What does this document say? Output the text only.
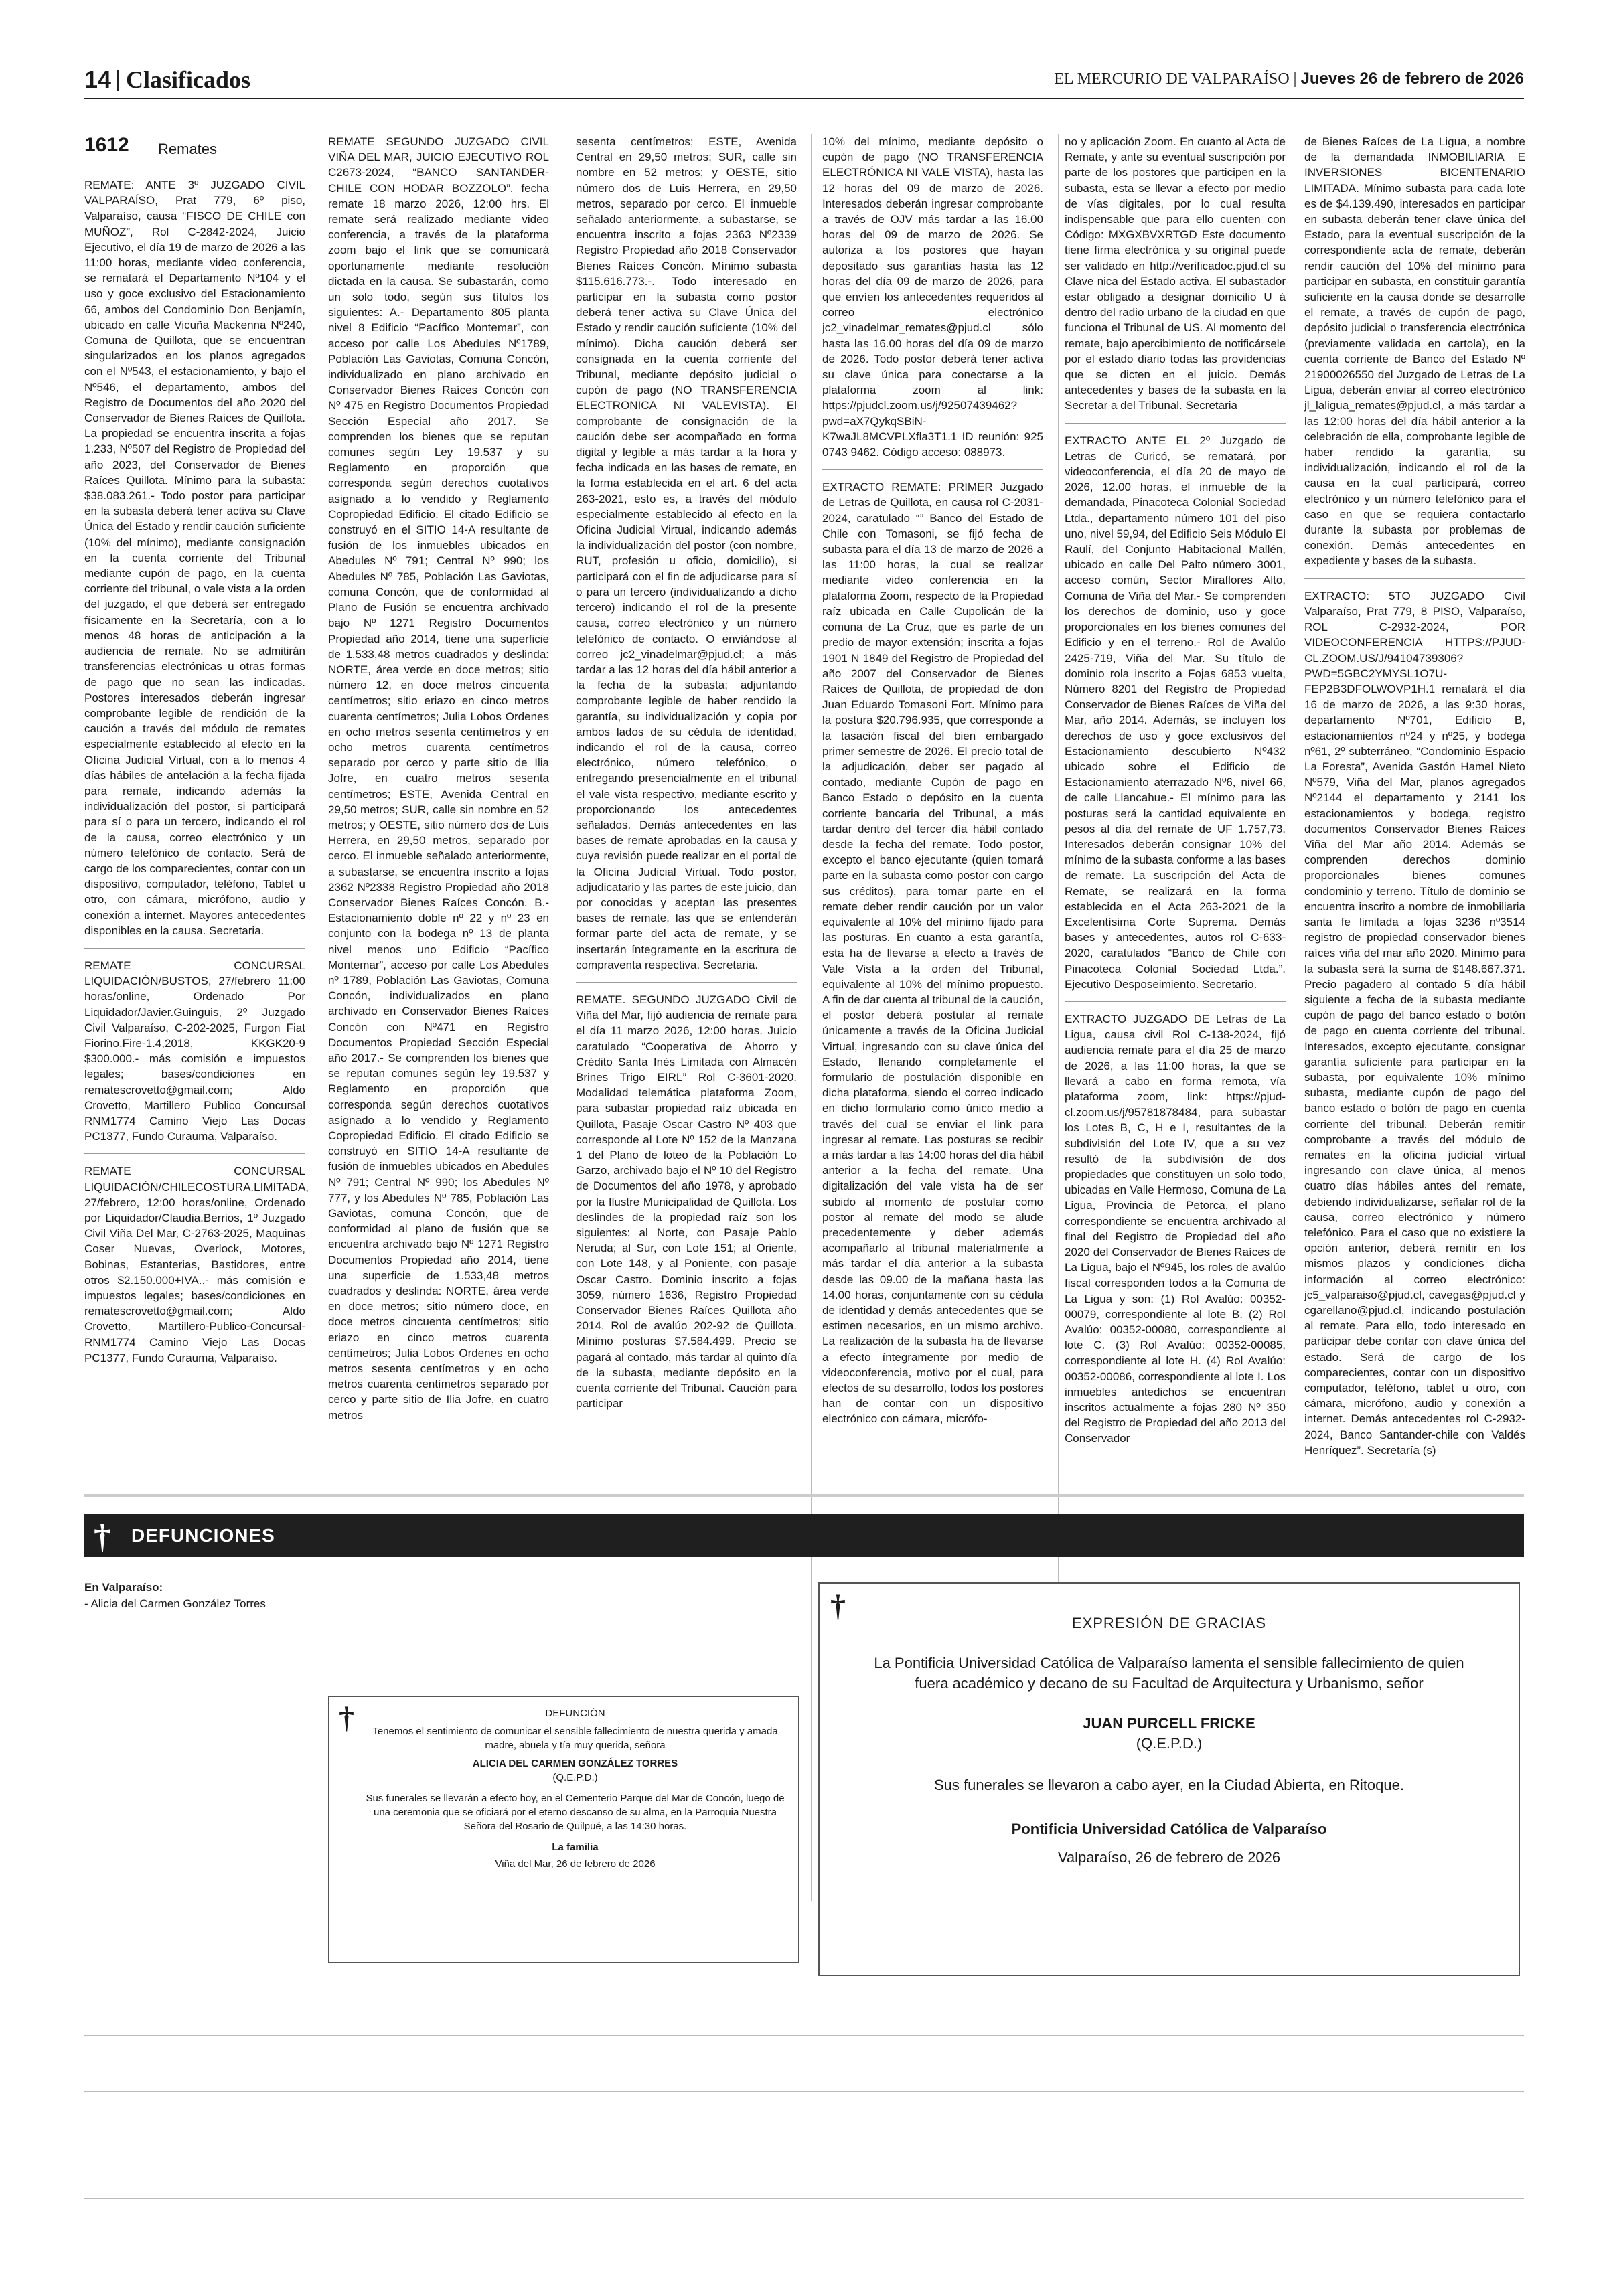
14 Clasificados	EL MERCURIO DE VALPARAÍSO | Jueves 26 de febrero de 2026
1612 Remates

REMATE: ANTE 3º JUZGADO CIVIL VALPARAÍSO, Prat 779, 6º piso, Valparaíso, causa “FISCO DE CHILE con MUÑOZ”, Rol C-2842-2024, Juicio Ejecutivo, el día 19 de marzo de 2026 a las 11:00 horas, mediante video conferencia, se rematará el Departamento Nº104 y el uso y goce exclusivo del Estacionamiento 66, ambos del Condominio Don Benjamín, ubicado en calle Vicuña Mackenna Nº240, Comuna de Quillota, que se encuentran singularizados en los planos agregados con el Nº543, el estacionamiento, y bajo el Nº546, el departamento, ambos del Registro de Documentos del año 2020 del Conservador de Bienes Raíces de Quillota. La propiedad se encuentra inscrita a fojas 1.233, Nº507 del Registro de Propiedad del año 2023, del Conservador de Bienes Raíces Quillota. Mínimo para la subasta: $38.083.261.- Todo postor para participar en la subasta deberá tener activa su Clave Única del Estado y rendir caución suficiente (10% del mínimo), mediante consignación en la cuenta corriente del Tribunal mediante cupón de pago, en la cuenta corriente del tribunal, o vale vista a la orden del juzgado, el que deberá ser entregado físicamente en la Secretaría, con a lo menos 48 horas de anticipación a la audiencia de remate. No se admitirán transferencias electrónicas u otras formas de pago que no sean las indicadas. Postores interesados deberán ingresar comprobante legible de rendición de la caución a través del módulo de remates especialmente establecido al efecto en la Oficina Judicial Virtual, con a lo menos 4 días hábiles de antelación a la fecha fijada para remate, indicando además la individualización del postor, si participará para sí o para un tercero, indicando el rol de la causa, correo electrónico y un número telefónico de contacto. Será de cargo de los comparecientes, contar con un dispositivo, computador, teléfono, Tablet u otro, con cámara, micrófono, audio y conexión a internet. Mayores antecedentes disponibles en la causa. Secretaria.

REMATE CONCURSAL LIQUIDACIÓN/BUSTOS, 27/febrero 11:00 horas/online, Ordenado Por Liquidador/Javier.Guinguis, 2º Juzgado Civil Valparaíso, C-202-2025, Furgon Fiat Fiorino.Fire-1.4,2018, KKGK20-9 $300.000.- más comisión e impuestos legales; bases/condiciones en rematescrovetto@gmail.com; Aldo Crovetto, Martillero Publico Concursal RNM1774 Camino Viejo Las Docas PC1377, Fundo Curauma, Valparaíso.

REMATE CONCURSAL LIQUIDACIÓN/CHILECOSTURA.LIMITADA, 27/febrero, 12:00 horas/online, Ordenado por Liquidador/Claudia.Berrios, 1º Juzgado Civil Viña Del Mar, C-2763-2025, Maquinas Coser Nuevas, Overlock, Motores, Bobinas, Estanterias, Bastidores, entre otros $2.150.000+IVA..- más comisión e impuestos legales; bases/condiciones en rematescrovetto@gmail.com; Aldo Crovetto, Martillero-Publico-Concursal-RNM1774 Camino Viejo Las Docas PC1377, Fundo Curauma, Valparaíso.

REMATE SEGUNDO JUZGADO CIVIL VIÑA DEL MAR, JUICIO EJECUTIVO ROL C2673-2024, “BANCO SANTANDER-CHILE CON HODAR BOZZOLO”. fecha remate 18 marzo 2026, 12:00 hrs. El remate será realizado mediante video conferencia, a través de la plataforma zoom bajo el link que se comunicará oportunamente mediante resolución dictada en la causa. Se subastarán, como un solo todo, según sus títulos los siguientes: A.- Departamento 805 planta nivel 8 Edificio “Pacífico Montemar”, con acceso por calle Los Abedules Nº1789, Población Las Gaviotas, Comuna Concón, individualizado en plano archivado en Conservador Bienes Raíces Concón con Nº 475 en Registro Documentos Propiedad Sección Especial año 2017. Se comprenden los bienes que se reputan comunes según Ley 19.537 y su Reglamento en proporción que corresponda según derechos cuotativos asignado a lo vendido y Reglamento Copropiedad Edificio. El citado Edificio se construyó en el SITIO 14-A resultante de fusión de los inmuebles ubicados en Abedules Nº 791; Central Nº 990; los Abedules Nº 785, Población Las Gaviotas, comuna Concón, que de conformidad al Plano de Fusión se encuentra archivado bajo Nº 1271 Registro Documentos Propiedad año 2014, tiene una superficie de 1.533,48 metros cuadrados y deslinda: NORTE, área verde en doce metros; sitio número 12, en doce metros cincuenta centímetros; sitio eriazo en cinco metros cuarenta centímetros; Julia Lobos Ordenes en ocho metros sesenta centímetros y en ocho metros cuarenta centímetros separado por cerco y parte sitio de Ilia Jofre, en cuatro metros sesenta centímetros; ESTE, Avenida Central en 29,50 metros; SUR, calle sin nombre en 52 metros; y OESTE, sitio número dos de Luis Herrera, en 29,50 metros, separado por cerco. El inmueble señalado anteriormente, a subastarse, se encuentra inscrito a fojas 2362 Nº2338 Registro Propiedad año 2018 Conservador Bienes Raíces Concón. B.- Estacionamiento doble nº 22 y nº 23 en conjunto con la bodega nº 13 de planta nivel menos uno Edificio “Pacífico Montemar”, acceso por calle Los Abedules nº 1789, Población Las Gaviotas, Comuna Concón, individualizados en plano archivado en Conservador Bienes Raíces Concón con Nº471 en Registro Documentos Propiedad Sección Especial año 2017.- Se comprenden los bienes que se reputan comunes según ley 19.537 y Reglamento en proporción que corresponda según derechos cuotativos asignado a lo vendido y Reglamento Copropiedad Edificio. El citado Edificio se construyó en SITIO 14-A resultante de fusión de inmuebles ubicados en Abedules Nº 791; Central Nº 990; los Abedules Nº 777, y los Abedules Nº 785, Población Las Gaviotas, comuna Concón, que de conformidad al plano de fusión que se encuentra archivado bajo Nº 1271 Registro Documentos Propiedad año 2014, tiene una superficie de 1.533,48 metros cuadrados y deslinda: NORTE, área verde en doce metros; sitio número doce, en doce metros cincuenta centímetros; sitio eriazo en cinco metros cuarenta centímetros; Julia Lobos Ordenes en ocho metros sesenta centímetros y en ocho metros cuarenta centímetros separado por cerco y parte sitio de Ilia Jofre, en cuatro metros

sesenta centímetros; ESTE, Avenida Central en 29,50 metros; SUR, calle sin nombre en 52 metros; y OESTE, sitio número dos de Luis Herrera, en 29,50 metros, separado por cerco. El inmueble señalado anteriormente, a subastarse, se encuentra inscrito a fojas 2363 Nº2339 Registro Propiedad año 2018 Conservador Bienes Raíces Concón. Mínimo subasta $115.616.773.-. Todo interesado en participar en la subasta como postor deberá tener activa su Clave Única del Estado y rendir caución suficiente (10% del mínimo). Dicha caución deberá ser consignada en la cuenta corriente del Tribunal, mediante depósito judicial o cupón de pago (NO TRANSFERENCIA ELECTRONICA NI VALEVISTA). El comprobante de consignación de la caución debe ser acompañado en forma digital y legible a más tardar a la hora y fecha indicada en las bases de remate, en la forma establecida en el art. 6 del acta 263-2021, esto es, a través del módulo especialmente establecido al efecto en la Oficina Judicial Virtual, indicando además la individualización del postor (con nombre, RUT, profesión u oficio, domicilio), si participará con el fin de adjudicarse para sí o para un tercero (individualizando a dicho tercero) indicando el rol de la presente causa, correo electrónico y un número telefónico de contacto. O enviándose al correo jc2_vinadelmar@pjud.cl; a más tardar a las 12 horas del día hábil anterior a la fecha de la subasta; adjuntando comprobante legible de haber rendido la garantía, su individualización y copia por ambos lados de su cédula de identidad, indicando el rol de la causa, correo electrónico, número telefónico, o entregando presencialmente en el tribunal el vale vista respectivo, mediante escrito y proporcionando los antecedentes señalados. Demás antecedentes en las bases de remate aprobadas en la causa y cuya revisión puede realizar en el portal de la Oficina Judicial Virtual. Todo postor, adjudicatario y las partes de este juicio, dan por conocidas y aceptan las presentes bases de remate, las que se entenderán formar parte del acta de remate, y se insertarán íntegramente en la escritura de compraventa respectiva. Secretaria.

REMATE. SEGUNDO JUZGADO Civil de Viña del Mar, fijó audiencia de remate para el día 11 marzo 2026, 12:00 horas. Juicio caratulado “Cooperativa de Ahorro y Crédito Santa Inés Limitada con Almacén Brines Trigo EIRL” Rol C-3601-2020. Modalidad telemática plataforma Zoom, para subastar propiedad raíz ubicada en Quillota, Pasaje Oscar Castro Nº 403 que corresponde al Lote Nº 152 de la Manzana 1 del Plano de loteo de la Población Lo Garzo, archivado bajo el Nº 10 del Registro de Documentos del año 1978, y aprobado por la Ilustre Municipalidad de Quillota. Los deslindes de la propiedad raíz son los siguientes: al Norte, con Pasaje Pablo Neruda; al Sur, con Lote 151; al Oriente, con Lote 148, y al Poniente, con pasaje Oscar Castro. Dominio inscrito a fojas 3059, número 1636, Registro Propiedad Conservador Bienes Raíces Quillota año 2014. Rol de avalúo 202-92 de Quillota. Mínimo posturas $7.584.499. Precio se pagará al contado, más tardar al quinto día de la subasta, mediante depósito en la cuenta corriente del Tribunal. Caución para participar

10% del mínimo, mediante depósito o cupón de pago (NO TRANSFERENCIA ELECTRÓNICA NI VALE VISTA), hasta las 12 horas del 09 de marzo de 2026. Interesados deberán ingresar comprobante a través de OJV más tardar a las 16.00 horas del 09 de marzo de 2026. Se autoriza a los postores que hayan depositado sus garantías hasta las 12 horas del día 09 de marzo de 2026, para que envíen los antecedentes requeridos al correo electrónico jc2_vinadelmar_remates@pjud.cl sólo hasta las 16.00 horas del día 09 de marzo de 2026. Todo postor deberá tener activa su clave única para conectarse a la plataforma zoom al link: https://pjudcl.zoom.us/j/92507439462?pwd=aX7QykqSBiN-K7waJL8MCVPLXfla3T1.1 ID reunión: 925 0743 9462. Código acceso: 088973.

EXTRACTO REMATE: PRIMER Juzgado de Letras de Quillota, en causa rol C-2031-2024, caratulado “” Banco del Estado de Chile con Tomasoni, se fijó fecha de subasta para el día 13 de marzo de 2026 a las 11:00 horas, la cual se realizar mediante video conferencia en la plataforma Zoom, respecto de la Propiedad raíz ubicada en Calle Cupolicán de la comuna de La Cruz, que es parte de un predio de mayor extensión; inscrita a fojas 1901 N 1849 del Registro de Propiedad del año 2007 del Conservador de Bienes Raíces de Quillota, de propiedad de don Juan Eduardo Tomasoni Fort. Mínimo para la postura $20.796.935, que corresponde a la tasación fiscal del bien embargado primer semestre de 2026. El precio total de la adjudicación, deber ser pagado al contado, mediante Cupón de pago en Banco Estado o depósito en la cuenta corriente bancaria del Tribunal, a más tardar dentro del tercer día hábil contado desde la fecha del remate. Todo postor, excepto el banco ejecutante (quien tomará parte en la subasta como postor con cargo sus créditos), para tomar parte en el remate deber rendir caución por un valor equivalente al 10% del mínimo fijado para las posturas. En cuanto a esta garantía, esta ha de llevarse a efecto a través de Vale Vista a la orden del Tribunal, equivalente al 10% del mínimo propuesto. A fin de dar cuenta al tribunal de la caución, el postor deberá postular al remate únicamente a través de la Oficina Judicial Virtual, ingresando con su clave única del Estado, llenando completamente el formulario de postulación disponible en dicha plataforma, siendo el correo indicado en dicho formulario como único medio a través del cual se enviar el link para ingresar al remate. Las posturas se recibir a más tardar a las 14:00 horas del día hábil anterior a la fecha del remate. Una digitalización del vale vista ha de ser subido al momento de postular como postor al remate del modo se alude precedentemente y deber además acompañarlo al tribunal materialmente a más tardar el día anterior a la subasta desde las 09.00 de la mañana hasta las 14.00 horas, conjuntamente con su cédula de identidad y demás antecedentes que se estimen necesarios, en un mismo archivo. La realización de la subasta ha de llevarse a efecto íntegramente por medio de videoconferencia, motivo por el cual, para efectos de su desarrollo, todos los postores han de contar con un dispositivo electrónico con cámara, micrófo-

no y aplicación Zoom. En cuanto al Acta de Remate, y ante su eventual suscripción por parte de los postores que participen en la subasta, esta se llevar a efecto por medio de vías digitales, por lo cual resulta indispensable que para ello cuenten con Código: MXGXBVXRTGD Este documento tiene firma electrónica y su original puede ser validado en http://verificadoc.pjud.cl su Clave nica del Estado activa. El subastador estar obligado a designar domicilio U á dentro del radio urbano de la ciudad en que funciona el Tribunal de US. Al momento del remate, bajo apercibimiento de notificársele por el estado diario todas las providencias que se dicten en el juicio. Demás antecedentes y bases de la subasta en la Secretar a del Tribunal. Secretaria

EXTRACTO ANTE EL 2º Juzgado de Letras de Curicó, se rematará, por videoconferencia, el día 20 de mayo de 2026, 12.00 horas, el inmueble de la demandada, Pinacoteca Colonial Sociedad Ltda., departamento número 101 del piso uno, nivel 59,94, del Edificio Seis Módulo El Raulí, del Conjunto Habitacional Mallén, ubicado en calle Del Palto número 3001, acceso común, Sector Miraflores Alto, Comuna de Viña del Mar.- Se comprenden los derechos de dominio, uso y goce proporcionales en los bienes comunes del Edificio y en el terreno.- Rol de Avalúo 2425-719, Viña del Mar. Su título de dominio rola inscrito a Fojas 6853 vuelta, Número 8201 del Registro de Propiedad Conservador de Bienes Raíces de Viña del Mar, año 2014. Además, se incluyen los derechos de uso y goce exclusivos del Estacionamiento descubierto Nº432 ubicado sobre el Edificio de Estacionamiento aterrazado Nº6, nivel 66, de calle Llancahue.- El mínimo para las posturas será la cantidad equivalente en pesos al día del remate de UF 1.757,73. Interesados deberán consignar 10% del mínimo de la subasta conforme a las bases de remate. La suscripción del Acta de Remate, se realizará en la forma establecida en el Acta 263-2021 de la Excelentísima Corte Suprema. Demás bases y antecedentes, autos rol C-633-2020, caratulados “Banco de Chile con Pinacoteca Colonial Sociedad Ltda.”. Ejecutivo Desposeimiento. Secretario.

EXTRACTO JUZGADO DE Letras de La Ligua, causa civil Rol C-138-2024, fijó audiencia remate para el día 25 de marzo de 2026, a las 11:00 horas, la que se llevará a cabo en forma remota, vía plataforma zoom, link: https://pjud-cl.zoom.us/j/95781878484, para subastar los Lotes B, C, H e I, resultantes de la subdivisión del Lote IV, que a su vez resultó de la subdivisión de dos propiedades que constituyen un solo todo, ubicadas en Valle Hermoso, Comuna de La Ligua, Provincia de Petorca, el plano correspondiente se encuentra archivado al final del Registro de Propiedad del año 2020 del Conservador de Bienes Raíces de La Ligua, bajo el Nº945, los roles de avalúo fiscal corresponden todos a la Comuna de La Ligua y son: (1) Rol Avalúo: 00352-00079, correspondiente al lote B. (2) Rol Avalúo: 00352-00080, correspondiente al lote C. (3) Rol Avalúo: 00352-00085, correspondiente al lote H. (4) Rol Avalúo: 00352-00086, correspondiente al lote I. Los inmuebles antedichos se encuentran inscritos actualmente a fojas 280 Nº 350 del Registro de Propiedad del año 2013 del Conservador

de Bienes Raíces de La Ligua, a nombre de la demandada INMOBILIARIA E INVERSIONES BICENTENARIO LIMITADA. Mínimo subasta para cada lote es de $4.139.490, interesados en participar en subasta deberán tener clave única del Estado, para la eventual suscripción de la correspondiente acta de remate, deberán rendir caución del 10% del mínimo para participar en subasta, en constituir garantía suficiente en la causa donde se desarrolle el remate, a través de cupón de pago, depósito judicial o transferencia electrónica (previamente validada en cartola), en la cuenta corriente de Banco del Estado Nº 21900026550 del Juzgado de Letras de La Ligua, deberán enviar al correo electrónico jl_laligua_remates@pjud.cl, a más tardar a las 12:00 horas del día hábil anterior a la celebración de ella, comprobante legible de haber rendido la garantía, su individualización, indicando el rol de la causa en la cual participará, correo electrónico y un número telefónico para el caso en que se requiera contactarlo durante la subasta por problemas de conexión. Demás antecedentes en expediente y bases de la subasta.

EXTRACTO: 5TO JUZGADO Civil Valparaíso, Prat 779, 8 PISO, Valparaíso, ROL C-2932-2024, POR VIDEOCONFERENCIA HTTPS://PJUD-CL.ZOOM.US/J/94104739306?PWD=5GBC2YMYSL1O7U-FEP2B3DFOLWOVP1H.1 rematará el día 16 de marzo de 2026, a las 9:30 horas, departamento Nº701, Edificio B, estacionamientos nº24 y nº25, y bodega nº61, 2º subterráneo, “Condominio Espacio La Foresta”, Avenida Gastón Hamel Nieto Nº579, Viña del Mar, planos agregados Nº2144 el departamento y 2141 los estacionamientos y bodega, registro documentos Conservador Bienes Raíces Viña del Mar año 2014. Además se comprenden derechos dominio proporcionales bienes comunes condominio y terreno. Título de dominio se encuentra inscrito a nombre de inmobiliaria santa fe limitada a fojas 3236 nº3514 registro de propiedad conservador bienes raíces viña del mar año 2020. Mínimo para la subasta será la suma de $148.667.371. Precio pagadero al contado 5 día hábil siguiente a fecha de la subasta mediante cupón de pago del banco estado o botón de pago en cuenta corriente del tribunal. Interesados, excepto ejecutante, consignar garantía suficiente para participar en la subasta, por equivalente 10% mínimo subasta, mediante cupón de pago del banco estado o botón de pago en cuenta corriente del tribunal. Deberán remitir comprobante a través del módulo de remates en la oficina judicial virtual ingresando con clave única, al menos cuatro días hábiles antes del remate, debiendo individualizarse, señalar rol de la causa, correo electrónico y número telefónico. Para el caso que no existiere la opción anterior, deberá remitir en los mismos plazos y condiciones dicha información al correo electrónico: jc5_valparaiso@pjud.cl, cavegas@pjud.cl y cgarellano@pjud.cl, indicando postulación al remate. Para ello, todo interesado en participar debe contar con clave única del estado. Será de cargo de los comparecientes, contar con un dispositivo computador, teléfono, tablet u otro, con cámara, micrófono, audio y conexión a internet. Demás antecedentes rol C-2932-2024, Banco Santander-chile con Valdés Henríquez”. Secretaría (s)

† DEFUNCIONES
En Valparaíso:
- Alicia del Carmen González Torres
†	DEFUNCIÓN

Tenemos el sentimiento de comunicar el sensible fallecimiento de nuestra querida y amada madre, abuela y tía muy querida, señora

ALICIA DEL CARMEN GONZÁLEZ TORRES

(Q.E.P.D.)

Sus funerales se llevarán a efecto hoy, en el Cementerio Parque del Mar de Concón, luego de una ceremonia que se oficiará por el eterno descanso de su alma, en la Parroquia Nuestra Señora del Rosario de Quilpué, a las 14:30 horas.

La familia

Viña del Mar, 26 de febrero de 2026

†

EXPRESIÓN DE GRACIAS

La Pontificia Universidad Católica de Valparaíso lamenta el sensible fallecimiento de quien fuera académico y decano de su Facultad de Arquitectura y Urbanismo, señor

JUAN PURCELL FRICKE

(Q.E.P.D.)

Sus funerales se llevaron a cabo ayer, en la Ciudad Abierta, en Ritoque.

Pontificia Universidad Católica de Valparaíso

Valparaíso, 26 de febrero de 2026
